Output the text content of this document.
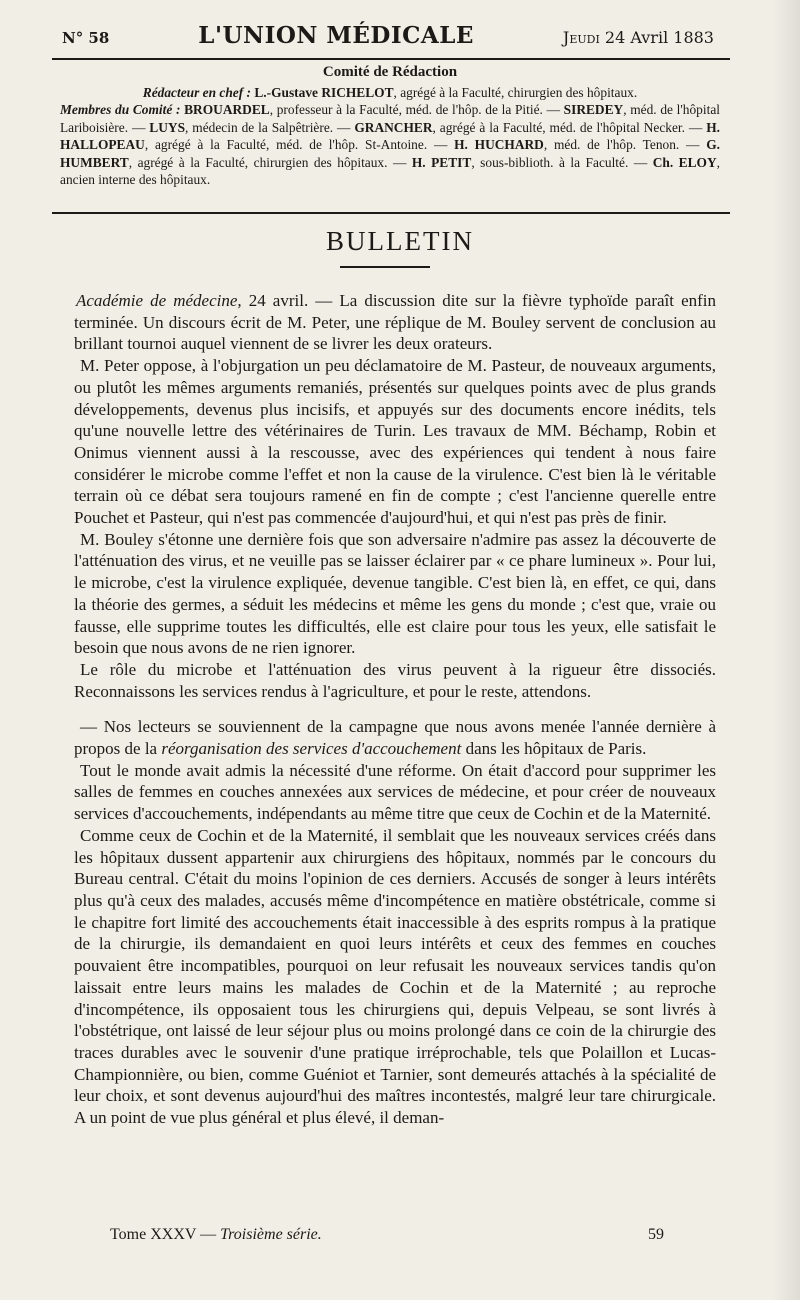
N° 58	L'UNION MÉDICALE	Jeudi 24 Avril 1883
Comité de Rédaction
Rédacteur en chef : L.-Gustave RICHELOT, agrégé à la Faculté, chirurgien des hôpitaux.

Membres du Comité : BROUARDEL, professeur à la Faculté, méd. de l'hôp. de la Pitié. — SIREDEY, méd. de l'hôpital Lariboisière. — LUYS, médecin de la Salpêtrière. — GRANCHER, agrégé à la Faculté, méd. de l'hôpital Necker. — H. HALLOPEAU, agrégé à la Faculté, méd. de l'hôp. St-Antoine. — H. HUCHARD, méd. de l'hôp. Tenon. — G. HUMBERT, agrégé à la Faculté, chirurgien des hôpitaux. — H. PETIT, sous-biblioth. à la Faculté. — Ch. ELOY, ancien interne des hôpitaux.

BULLETIN

Académie de médecine, 24 avril. — La discussion dite sur la fièvre typhoïde paraît enfin terminée. Un discours écrit de M. Peter, une réplique de M. Bouley servent de conclusion au brillant tournoi auquel viennent de se livrer les deux orateurs.

M. Peter oppose, à l'objurgation un peu déclamatoire de M. Pasteur, de nouveaux arguments, ou plutôt les mêmes arguments remaniés, présentés sur quelques points avec de plus grands développements, devenus plus incisifs, et appuyés sur des documents encore inédits, tels qu'une nouvelle lettre des vétérinaires de Turin. Les travaux de MM. Béchamp, Robin et Onimus viennent aussi à la rescousse, avec des expériences qui tendent à nous faire considérer le microbe comme l'effet et non la cause de la virulence. C'est bien là le véritable terrain où ce débat sera toujours ramené en fin de compte ; c'est l'ancienne querelle entre Pouchet et Pasteur, qui n'est pas commencée d'aujourd'hui, et qui n'est pas près de finir.

M. Bouley s'étonne une dernière fois que son adversaire n'admire pas assez la découverte de l'atténuation des virus, et ne veuille pas se laisser éclairer par « ce phare lumineux ». Pour lui, le microbe, c'est la virulence expliquée, devenue tangible. C'est bien là, en effet, ce qui, dans la théorie des germes, a séduit les médecins et même les gens du monde ; c'est que, vraie ou fausse, elle supprime toutes les difficultés, elle est claire pour tous les yeux, elle satisfait le besoin que nous avons de ne rien ignorer.

Le rôle du microbe et l'atténuation des virus peuvent à la rigueur être dissociés. Reconnaissons les services rendus à l'agriculture, et pour le reste, attendons.

— Nos lecteurs se souviennent de la campagne que nous avons menée l'année dernière à propos de la réorganisation des services d'accouchement dans les hôpitaux de Paris.

Tout le monde avait admis la nécessité d'une réforme. On était d'accord pour supprimer les salles de femmes en couches annexées aux services de médecine, et pour créer de nouveaux services d'accouchements, indépendants au même titre que ceux de Cochin et de la Maternité.

Comme ceux de Cochin et de la Maternité, il semblait que les nouveaux services créés dans les hôpitaux dussent appartenir aux chirurgiens des hôpitaux, nommés par le concours du Bureau central. C'était du moins l'opinion de ces derniers. Accusés de songer à leurs intérêts plus qu'à ceux des malades, accusés même d'incompétence en matière obstétricale, comme si le chapitre fort limité des accouchements était inaccessible à des esprits rompus à la pratique de la chirurgie, ils demandaient en quoi leurs intérêts et ceux des femmes en couches pouvaient être incompatibles, pourquoi on leur refusait les nouveaux services tandis qu'on laissait entre leurs mains les malades de Cochin et de la Maternité ; au reproche d'incompétence, ils opposaient tous les chirurgiens qui, depuis Velpeau, se sont livrés à l'obstétrique, ont laissé de leur séjour plus ou moins prolongé dans ce coin de la chirurgie des traces durables avec le souvenir d'une pratique irréprochable, tels que Polaillon et Lucas-Championnière, ou bien, comme Guéniot et Tarnier, sont demeurés attachés à la spécialité de leur choix, et sont devenus aujourd'hui des maîtres incontestés, malgré leur tare chirurgicale. A un point de vue plus général et plus élevé, il deman-

Tome XXXV — Troisième série.	59
